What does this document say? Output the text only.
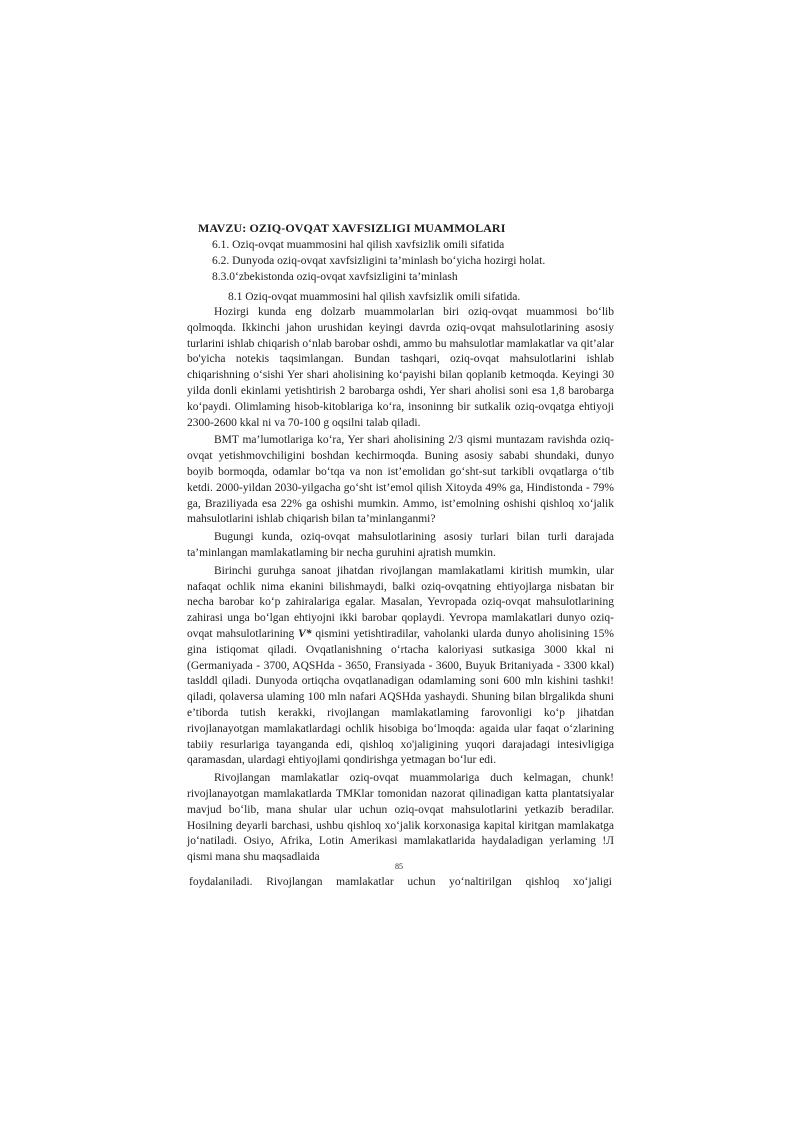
MAVZU: OZIQ-OVQAT XAVFSIZLIGI MUAMMOLARI
6.1. Oziq-ovqat muammosini hal qilish xavfsizlik omili sifatida
6.2. Dunyoda oziq-ovqat xavfsizligini ta’minlash bo‘yicha hozirgi holat.
8.3.0‘zbekistonda oziq-ovqat xavfsizligini ta’minlash
8.1 Oziq-ovqat muammosini hal qilish xavfsizlik omili sifatida.

Hozirgi kunda eng dolzarb muammolarlan biri oziq-ovqat muammosi bo‘lib qolmoqda. Ikkinchi jahon urushidan keyingi davrda oziq-ovqat mahsulotlarining asosiy turlarini ishlab chiqarish o‘nlab barobar oshdi, ammo bu mahsulotlar mamlakatlar va qit’alar bo'yicha notekis taqsimlangan. Bundan tashqari, oziq-ovqat mahsulotlarini ishlab chiqarishning o‘sishi Yer shari aholisining ko‘payishi bilan qoplanib ketmoqda. Keyingi 30 yilda donli ekinlami yetishtirish 2 barobarga oshdi, Yer shari aholisi soni esa 1,8 barobarga ko‘paydi. Olimlaming hisob-kitoblariga ko‘ra, insoninng bir sutkalik oziq-ovqatga ehtiyoji 2300-2600 kkal ni va 70-100 g oqsilni talab qiladi.

BMT ma’lumotlariga ko‘ra, Yer shari aholisining 2/3 qismi muntazam ravishda oziq-ovqat yetishmovchiligini boshdan kechirmoqda. Buning asosiy sababi shundaki, dunyo boyib bormoqda, odamlar bo‘tqa va non ist’emolidan go‘sht-sut tarkibli ovqatlarga o‘tib ketdi. 2000-yildan 2030-yilgacha go‘sht ist’emol qilish Xitoyda 49% ga, Hindistonda - 79% ga, Braziliyada esa 22% ga oshishi mumkin. Ammo, ist’emolning oshishi qishloq xo‘jalik mahsulotlarini ishlab chiqarish bilan ta’minlanganmi?

Bugungi kunda, oziq-ovqat mahsulotlarining asosiy turlari bilan turli darajada ta’minlangan mamlakatlaming bir necha guruhini ajratish mumkin.

Birinchi guruhga sanoat jihatdan rivojlangan mamlakatlami kiritish mumkin, ular nafaqat ochlik nima ekanini bilishmaydi, balki oziq-ovqatning ehtiyojlarga nisbatan bir necha barobar ko‘p zahiralariga egalar. Masalan, Yevropada oziq-ovqat mahsulotlarining zahirasi unga bo‘lgan ehtiyojni ikki barobar qoplaydi. Yevropa mamlakatlari dunyo oziq-ovqat mahsulotlarining V* qismini yetishtiradilar, vaholanki ularda dunyo aholisining 15% gina istiqomat qiladi. Ovqatlanishning o‘rtacha kaloriyasi sutkasiga 3000 kkal ni (Germaniyada - 3700, AQSHda - 3650, Fransiyada - 3600, Buyuk Britaniyada - 3300 kkal) taslddl qiladi. Dunyoda ortiqcha ovqatlanadigan odamlaming soni 600 mln kishini tashki! qiladi, qolaversa ulaming 100 mln nafari AQSHda yashaydi. Shuning bilan blrgalikda shuni e’tiborda tutish kerakki, rivojlangan mamlakatlaming farovonligi ko‘p jihatdan rivojlanayotgan mamlakatlardagi ochlik hisobiga bo‘lmoqda: agaida ular faqat o‘zlarining tabiiy resurlariga tayanganda edi, qishloq xo'jaligining yuqori darajadagi intesivligiga qaramasdan, ulardagi ehtiyojlami qondirishga yetmagan bo‘lur edi.

Rivojlangan mamlakatlar oziq-ovqat muammolariga duch kelmagan, chunk! rivojlanayotgan mamlakatlarda TMKlar tomonidan nazorat qilinadigan katta plantatsiyalar mavjud bo‘lib, mana shular ular uchun oziq-ovqat mahsulotlarini yetkazib beradilar. Hosilning deyarli barchasi, ushbu qishloq xo‘jalik korxonasiga kapital kiritgan mamlakatga jo‘natiladi. Osiyo, Afrika, Lotin Amerikasi mamlakatlarida haydaladigan yerlaming !Л qismi mana shu maqsadlaida

85
foydalaniladi. Rivojlangan mamlakatlar uchun yo‘naltirilgan qishloq xo‘jaligi
